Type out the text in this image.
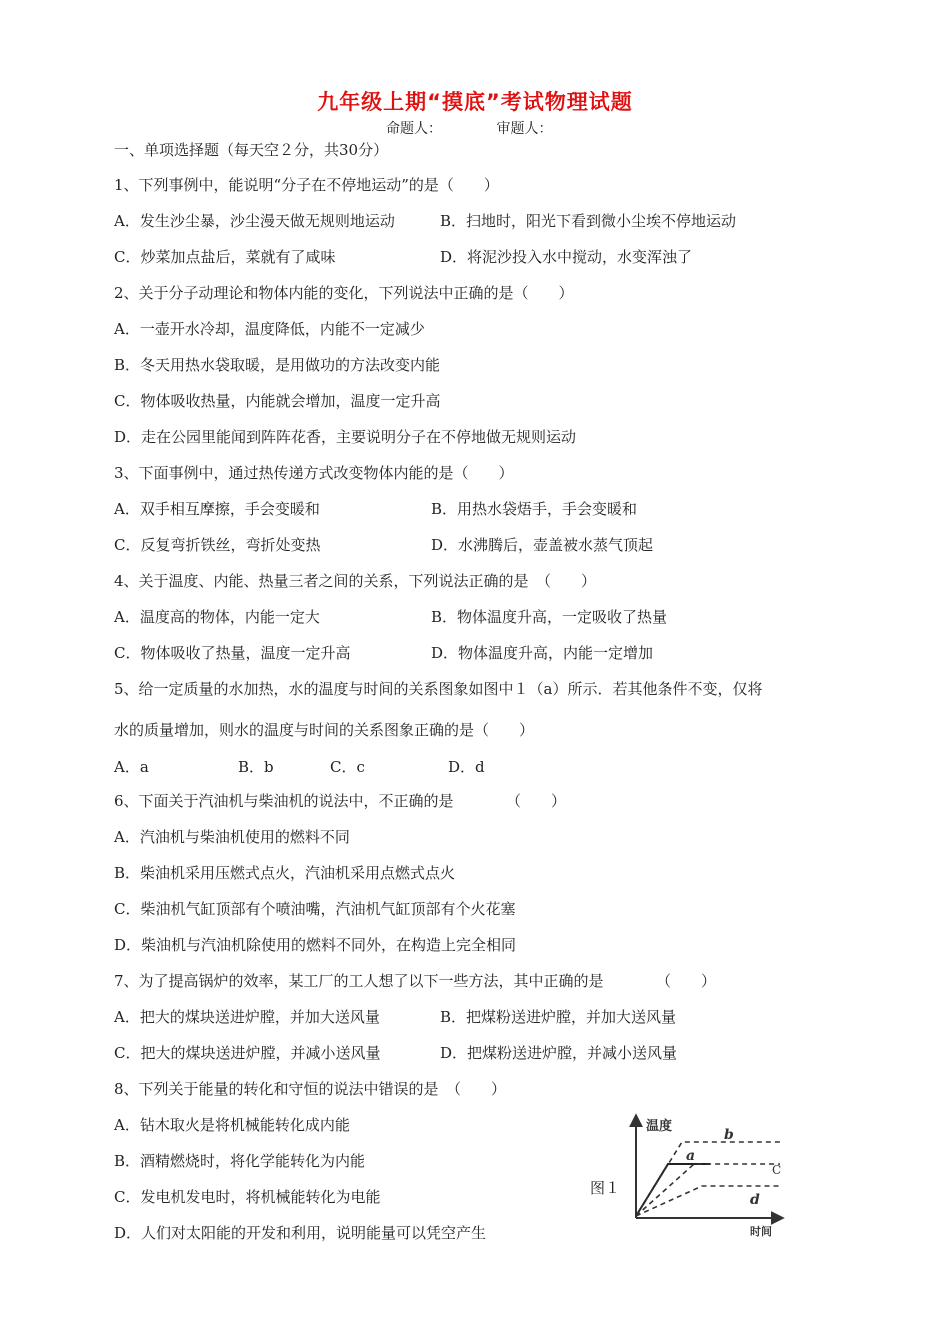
九年级上期“摸底”考试物理试题
命题人：	审题人：
一、单项选择题（每天空２分，共30分）
1、下列事例中，能说明“分子在不停地运动”的是（　　）
A．发生沙尘暴，沙尘漫天做无规则地运动	B．扫地时，阳光下看到微小尘埃不停地运动
C．炒菜加点盐后，菜就有了咸味	D．将泥沙投入水中搅动，水变浑浊了
2、关于分子动理论和物体内能的变化，下列说法中正确的是（　　）
A．一壶开水冷却，温度降低，内能不一定减少
B．冬天用热水袋取暖，是用做功的方法改变内能
C．物体吸收热量，内能就会增加，温度一定升高
D．走在公园里能闻到阵阵花香，主要说明分子在不停地做无规则运动
3、下面事例中，通过热传递方式改变物体内能的是（　　）
A．双手相互摩擦，手会变暖和	B．用热水袋焐手，手会变暖和
C．反复弯折铁丝，弯折处变热	D．水沸腾后，壶盖被水蒸气顶起
4、关于温度、内能、热量三者之间的关系，下列说法正确的是　（　　）
A．温度高的物体，内能一定大	B．物体温度升高，一定吸收了热量
C．物体吸收了热量，温度一定升高	D．物体温度升高，内能一定增加
5、给一定质量的水加热，水的温度与时间的关系图象如图中１（a）所示．若其他条件不变，仅将
水的质量增加，则水的温度与时间的关系图象正确的是（　　）
A．a	B．b	C．c	D．d
6、下面关于汽油机与柴油机的说法中，不正确的是　　　　（　　）
A．汽油机与柴油机使用的燃料不同
B．柴油机采用压燃式点火，汽油机采用点燃式点火
C．柴油机气缸顶部有个喷油嘴，汽油机气缸顶部有个火花塞
D．柴油机与汽油机除使用的燃料不同外，在构造上完全相同
7、为了提高锅炉的效率，某工厂的工人想了以下一些方法，其中正确的是　　　　（　　）
A．把大的煤块送进炉膛，并加大送风量	B．把煤粉送进炉膛，并加大送风量
C．把大的煤块送进炉膛，并减小送风量	D．把煤粉送进炉膛，并减小送风量
8、下列关于能量的转化和守恒的说法中错误的是　（　　）
A．钻木取火是将机械能转化成内能
B．酒精燃烧时，将化学能转化为内能
C．发电机发电时，将机械能转化为电能
D．人们对太阳能的开发和利用，说明能量可以凭空产生
图１
温度
时间
b
a
C
d
